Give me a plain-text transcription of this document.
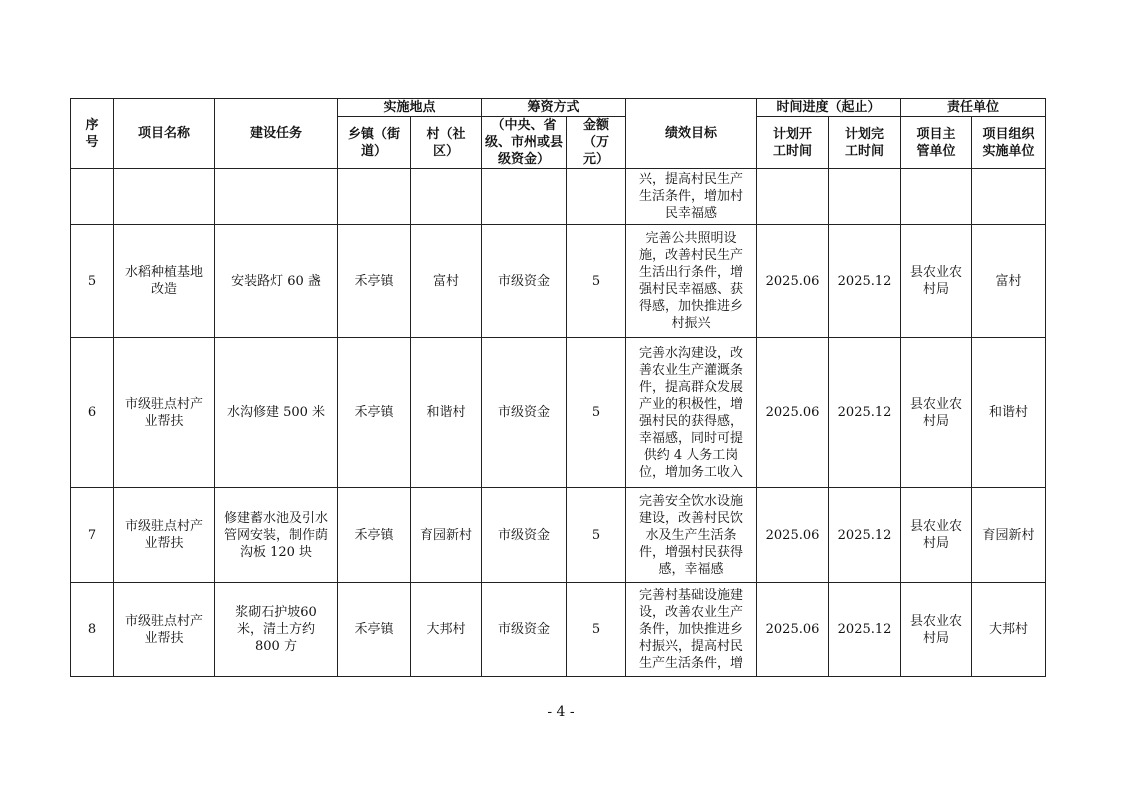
序号	项目名称	建设任务	实施地点		筹资方式		绩效目标	时间进度（起止）		责任单位	
			乡镇（街道）	村（社区）	（中央、省级、市州或县级资金）	金额（万元）		计划开工时间	计划完工时间	项目主管单位	项目组织实施单位
							兴，提高村民生产生活条件，增加村民幸福感				
5	水稻种植基地改造	安装路灯 60 盏	禾亭镇	富村	市级资金	5	完善公共照明设施，改善村民生产生活出行条件，增强村民幸福感、获得感，加快推进乡村振兴	2025.06	2025.12	县农业农村局	富村
6	市级驻点村产业帮扶	水沟修建 500 米	禾亭镇	和谐村	市级资金	5	完善水沟建设，改善农业生产灌溉条件，提高群众发展产业的积极性，增强村民的获得感，幸福感，同时可提供约 4 人务工岗位，增加务工收入	2025.06	2025.12	县农业农村局	和谐村
7	市级驻点村产业帮扶	修建蓄水池及引水管网安装，制作荫沟板 120 块	禾亭镇	育园新村	市级资金	5	完善安全饮水设施建设，改善村民饮水及生产生活条件，增强村民获得感，幸福感	2025.06	2025.12	县农业农村局	育园新村
8	市级驻点村产业帮扶	浆砌石护坡60米，清土方约 800 方	禾亭镇	大邦村	市级资金	5	完善村基础设施建设，改善农业生产条件，加快推进乡村振兴，提高村民生产生活条件，增	2025.06	2025.12	县农业农村局	大邦村
- 4 -
